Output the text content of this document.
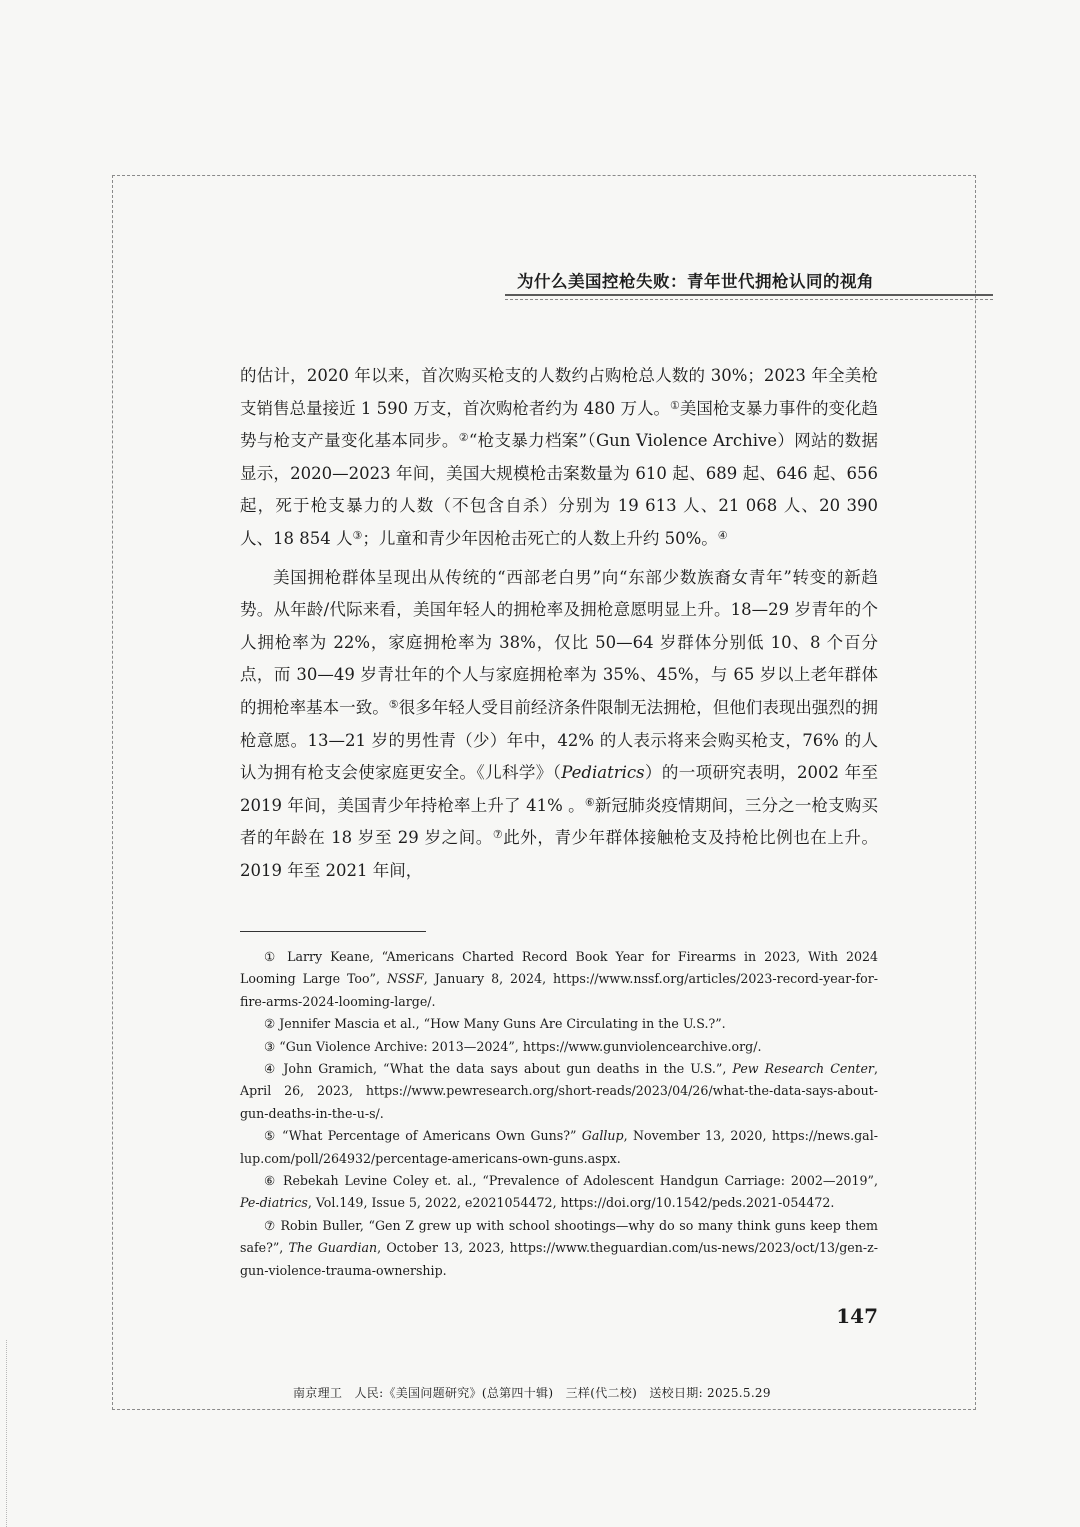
为什么美国控枪失败：青年世代拥枪认同的视角

的估计，2020 年以来，首次购买枪支的人数约占购枪总人数的 30%；2023 年全美枪支销售总量接近 1 590 万支，首次购枪者约为 480 万人。①美国枪支暴力事件的变化趋势与枪支产量变化基本同步。②“枪支暴力档案”（Gun Violence Archive）网站的数据显示，2020—2023 年间，美国大规模枪击案数量为 610 起、689 起、646 起、656 起，死于枪支暴力的人数（不包含自杀）分别为 19 613 人、21 068 人、20 390 人、18 854 人③；儿童和青少年因枪击死亡的人数上升约 50%。④

美国拥枪群体呈现出从传统的“西部老白男”向“东部少数族裔女青年”转变的新趋势。从年龄/代际来看，美国年轻人的拥枪率及拥枪意愿明显上升。18—29 岁青年的个人拥枪率为 22%，家庭拥枪率为 38%，仅比 50—64 岁群体分别低 10、8 个百分点，而 30—49 岁青壮年的个人与家庭拥枪率为 35%、45%，与 65 岁以上老年群体的拥枪率基本一致。⑤很多年轻人受目前经济条件限制无法拥枪，但他们表现出强烈的拥枪意愿。13—21 岁的男性青（少）年中，42% 的人表示将来会购买枪支，76% 的人认为拥有枪支会使家庭更安全。《儿科学》（Pediatrics）的一项研究表明，2002 年至 2019 年间，美国青少年持枪率上升了 41% 。⑥新冠肺炎疫情期间，三分之一枪支购买者的年龄在 18 岁至 29 岁之间。⑦此外，青少年群体接触枪支及持枪比例也在上升。2019 年至 2021 年间，

① Larry Keane, “Americans Charted Record Book Year for Firearms in 2023, With 2024 Looming Large Too”, NSSF, January 8, 2024, https://www.nssf.org/articles/2023-record-year-for-fire-arms-2024-looming-large/.

② Jennifer Mascia et al., “How Many Guns Are Circulating in the U.S.?”.

③ “Gun Violence Archive: 2013—2024”, https://www.gunviolencearchive.org/.

④ John Gramich, “What the data says about gun deaths in the U.S.”, Pew Research Center, April 26, 2023, https://www.pewresearch.org/short-reads/2023/04/26/what-the-data-says-about-gun-deaths-in-the-u-s/.

⑤ “What Percentage of Americans Own Guns?” Gallup, November 13, 2020, https://news.gal-lup.com/poll/264932/percentage-americans-own-guns.aspx.

⑥ Rebekah Levine Coley et. al., “Prevalence of Adolescent Handgun Carriage: 2002—2019”, Pe-diatrics, Vol.149, Issue 5, 2022, e2021054472, https://doi.org/10.1542/peds.2021-054472.

⑦ Robin Buller, “Gen Z grew up with school shootings—why do so many think guns keep them safe?”, The Guardian, October 13, 2023, https://www.theguardian.com/us-news/2023/oct/13/gen-z-gun-violence-trauma-ownership.

147
南京理工　人民:《美国问题研究》(总第四十辑)　三样(代二校)　送校日期: 2025.5.29
